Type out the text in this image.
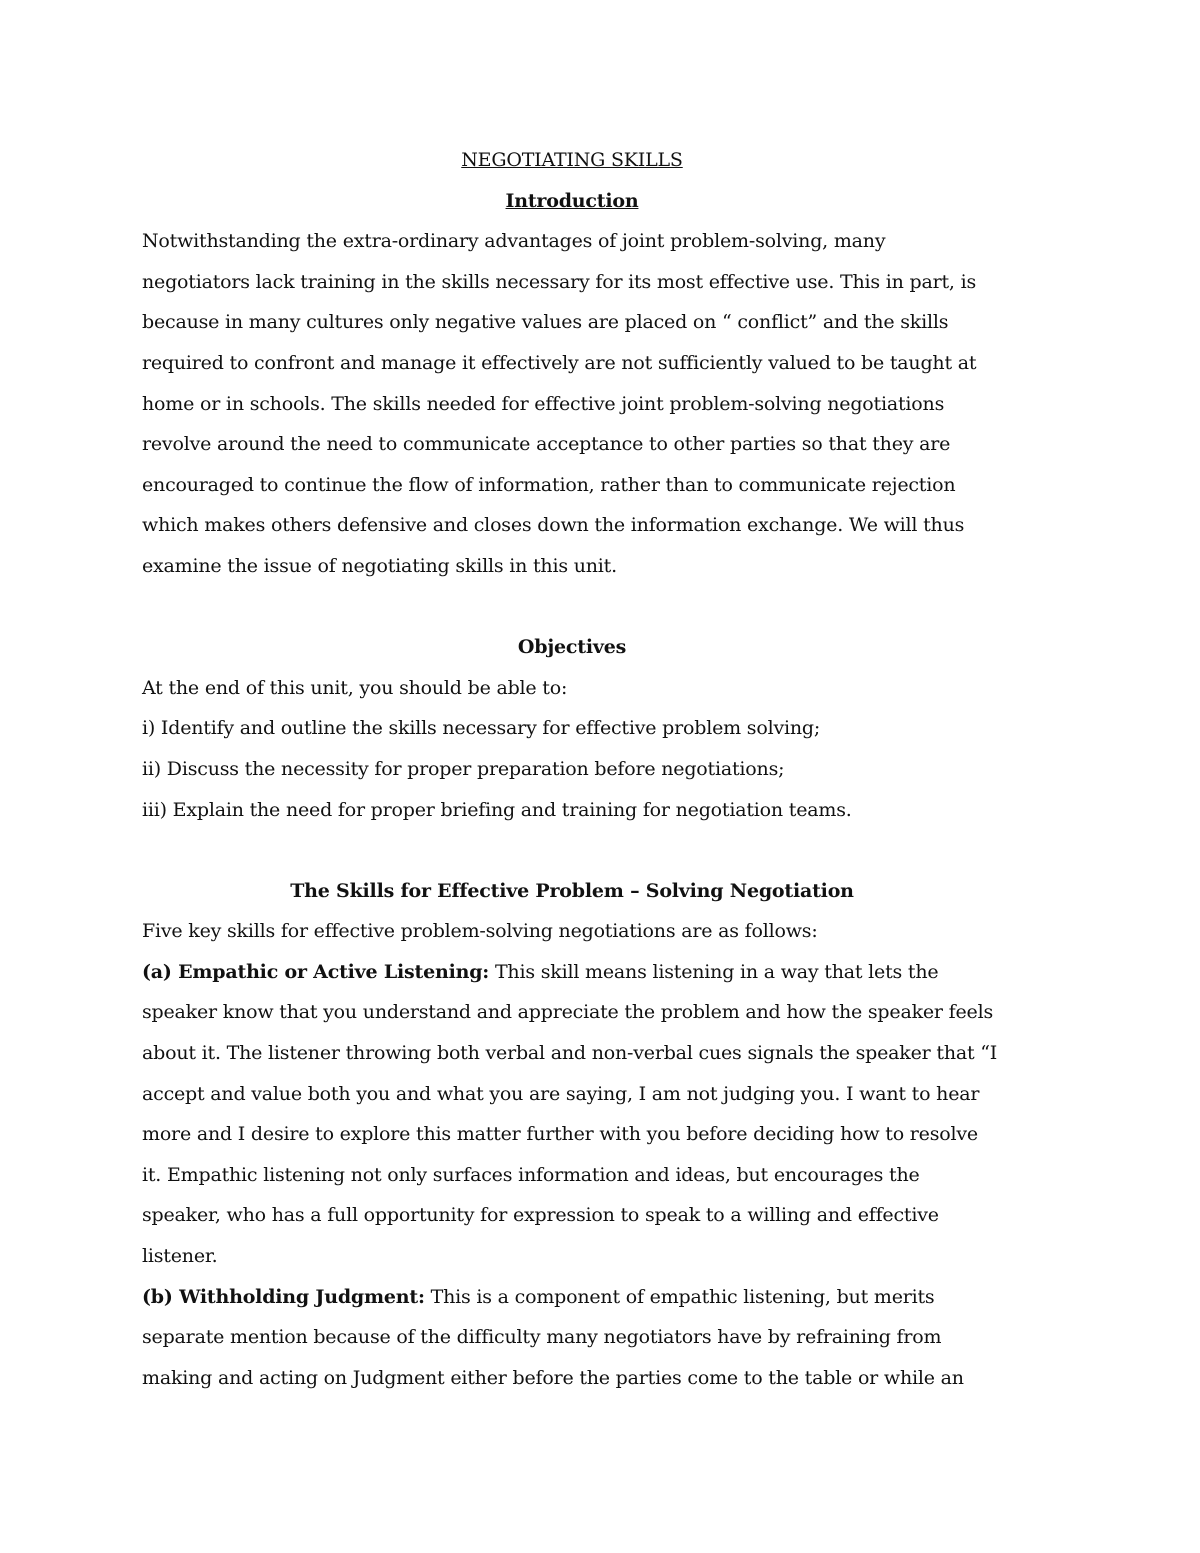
NEGOTIATING SKILLS
Introduction
Notwithstanding the extra-ordinary advantages of joint problem-solving, many
negotiators lack training in the skills necessary for its most effective use. This in part, is
because in many cultures only negative values are placed on “ conflict” and the skills
required to confront and manage it effectively are not sufficiently valued to be taught at
home or in schools. The skills needed for effective joint problem-solving negotiations
revolve around the need to communicate acceptance to other parties so that they are
encouraged to continue the flow of information, rather than to communicate rejection
which makes others defensive and closes down the information exchange. We will thus
examine the issue of negotiating skills in this unit.
Objectives
At the end of this unit, you should be able to:
i) Identify and outline the skills necessary for effective problem solving;
ii) Discuss the necessity for proper preparation before negotiations;
iii) Explain the need for proper briefing and training for negotiation teams.
The Skills for Effective Problem – Solving Negotiation
Five key skills for effective problem-solving negotiations are as follows:
(a) Empathic or Active Listening: This skill means listening in a way that lets the
speaker know that you understand and appreciate the problem and how the speaker feels
about it. The listener throwing both verbal and non-verbal cues signals the speaker that “I
accept and value both you and what you are saying, I am not judging you. I want to hear
more and I desire to explore this matter further with you before deciding how to resolve
it. Empathic listening not only surfaces information and ideas, but encourages the
speaker, who has a full opportunity for expression to speak to a willing and effective
listener.
(b) Withholding Judgment: This is a component of empathic listening, but merits
separate mention because of the difficulty many negotiators have by refraining from
making and acting on Judgment either before the parties come to the table or while an
